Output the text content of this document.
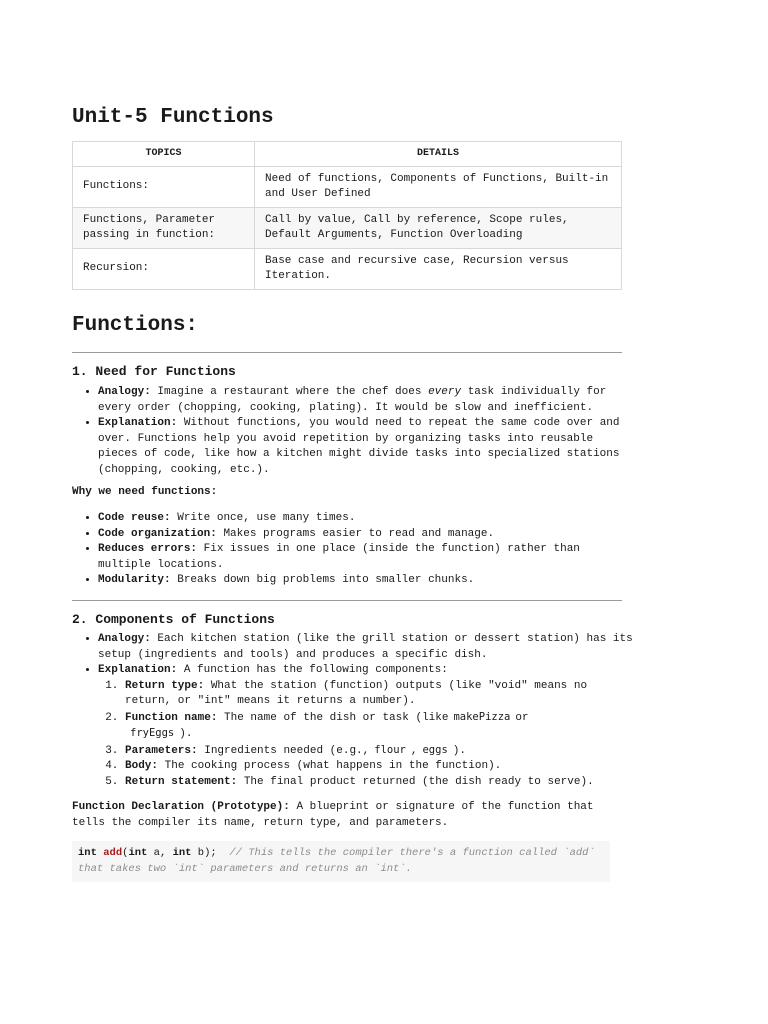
Unit-5 Functions
TOPICS	DETAILS
Functions:	Need of functions, Components of Functions, Built-in and User Defined
Functions, Parameter passing in function:	Call by value, Call by reference, Scope rules, Default Arguments, Function Overloading
Recursion:	Base case and recursive case, Recursion versus Iteration.
Functions:
1. Need for Functions
• Analogy: Imagine a restaurant where the chef does every task individually for every order (chopping, cooking, plating). It would be slow and inefficient.
• Explanation: Without functions, you would need to repeat the same code over and over. Functions help you avoid repetition by organizing tasks into reusable pieces of code, like how a kitchen might divide tasks into specialized stations (chopping, cooking, etc.).

Why we need functions:

• Code reuse: Write once, use many times.
• Code organization: Makes programs easier to read and manage.
• Reduces errors: Fix issues in one place (inside the function) rather than multiple locations.
• Modularity: Breaks down big problems into smaller chunks.
2. Components of Functions
• Analogy: Each kitchen station (like the grill station or dessert station) has its setup (ingredients and tools) and produces a specific dish.
• Explanation: A function has the following components:
1. Return type: What the station (function) outputs (like "void" means no return, or "int" means it returns a number).
2. Function name: The name of the dish or task (like makePizza or
fryEggs ).
3. Parameters: Ingredients needed (e.g., flour , eggs ).
4. Body: The cooking process (what happens in the function).
5. Return statement: The final product returned (the dish ready to serve).

Function Declaration (Prototype): A blueprint or signature of the function that tells the compiler its name, return type, and parameters.

int add(int a, int b); // This tells the compiler there's a function called `add` that takes two `int` parameters and returns an `int`.
